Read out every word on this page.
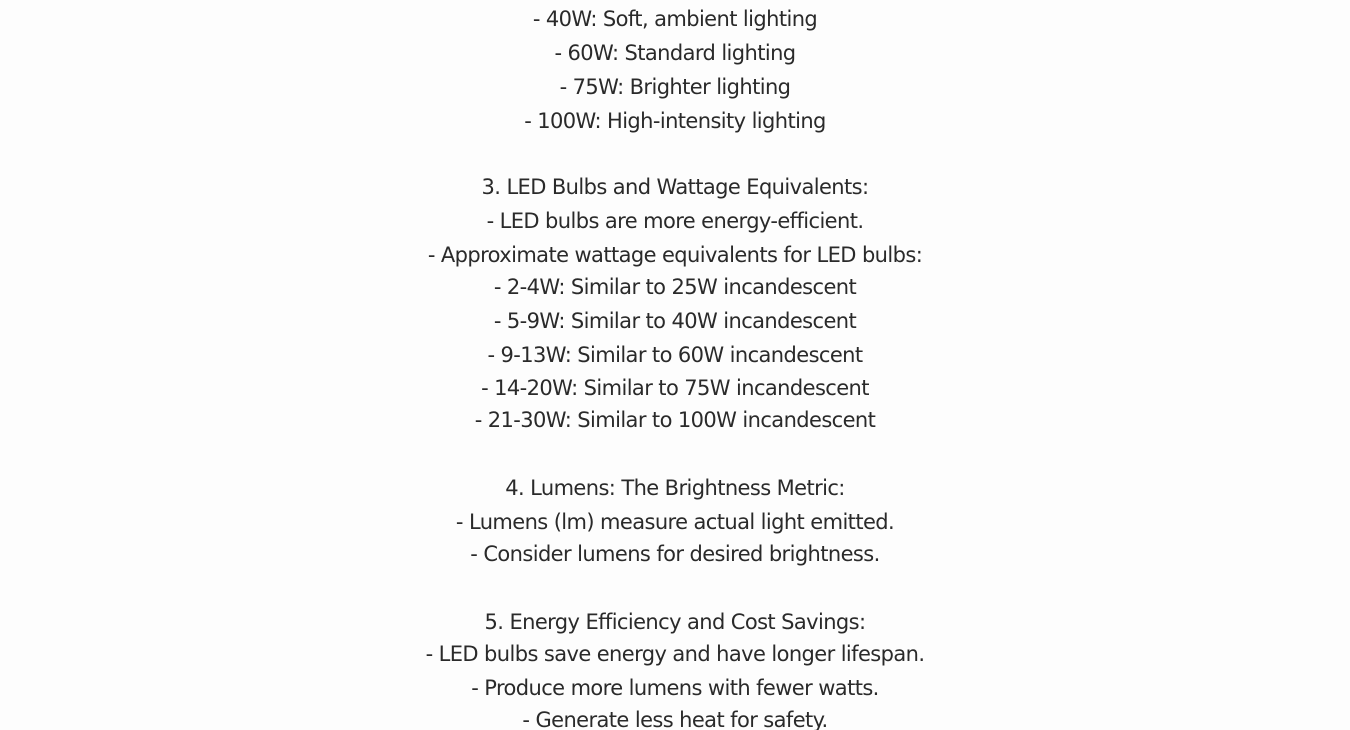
- 40W: Soft, ambient lighting
- 60W: Standard lighting
- 75W: Brighter lighting
- 100W: High-intensity lighting
3. LED Bulbs and Wattage Equivalents:
- LED bulbs are more energy-efficient.
- Approximate wattage equivalents for LED bulbs:
- 2-4W: Similar to 25W incandescent
- 5-9W: Similar to 40W incandescent
- 9-13W: Similar to 60W incandescent
- 14-20W: Similar to 75W incandescent
- 21-30W: Similar to 100W incandescent
4. Lumens: The Brightness Metric:
- Lumens (lm) measure actual light emitted.
- Consider lumens for desired brightness.
5. Energy Efficiency and Cost Savings:
- LED bulbs save energy and have longer lifespan.
- Produce more lumens with fewer watts.
- Generate less heat for safety.
